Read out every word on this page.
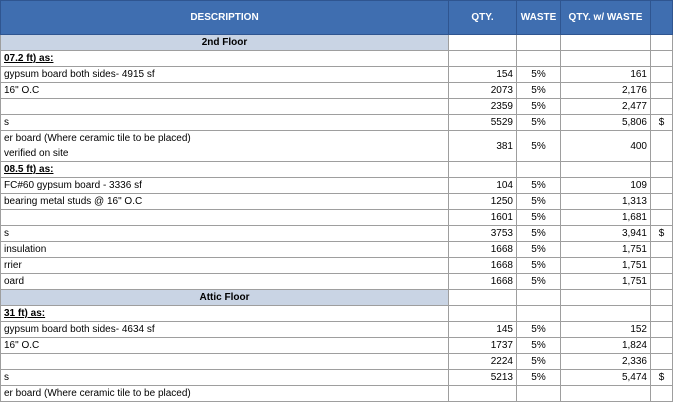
DESCRIPTION	QTY.	WASTE	QTY. w/ WASTE	
2nd Floor				
07.2 ft) as:				
gypsum board both sides- 4915 sf	154	5%	161	
16" O.C	2073	5%	2,176	
	2359	5%	2,477	
s	5529	5%	5,806	$

er board (Where ceramic tile to be placed)
verified on site	381	5%	400	
08.5 ft) as:				
FC#60 gypsum board - 3336 sf	104	5%	109	
bearing metal studs @ 16" O.C	1250	5%	1,313	
	1601	5%	1,681	
s	3753	5%	3,941	$
insulation	1668	5%	1,751	
rrier	1668	5%	1,751	
oard	1668	5%	1,751	
Attic Floor				
31 ft) as:				
gypsum board both sides- 4634 sf	145	5%	152	
16" O.C	1737	5%	1,824	
	2224	5%	2,336	
s	5213	5%	5,474	$
er board (Where ceramic tile to be placed)				
